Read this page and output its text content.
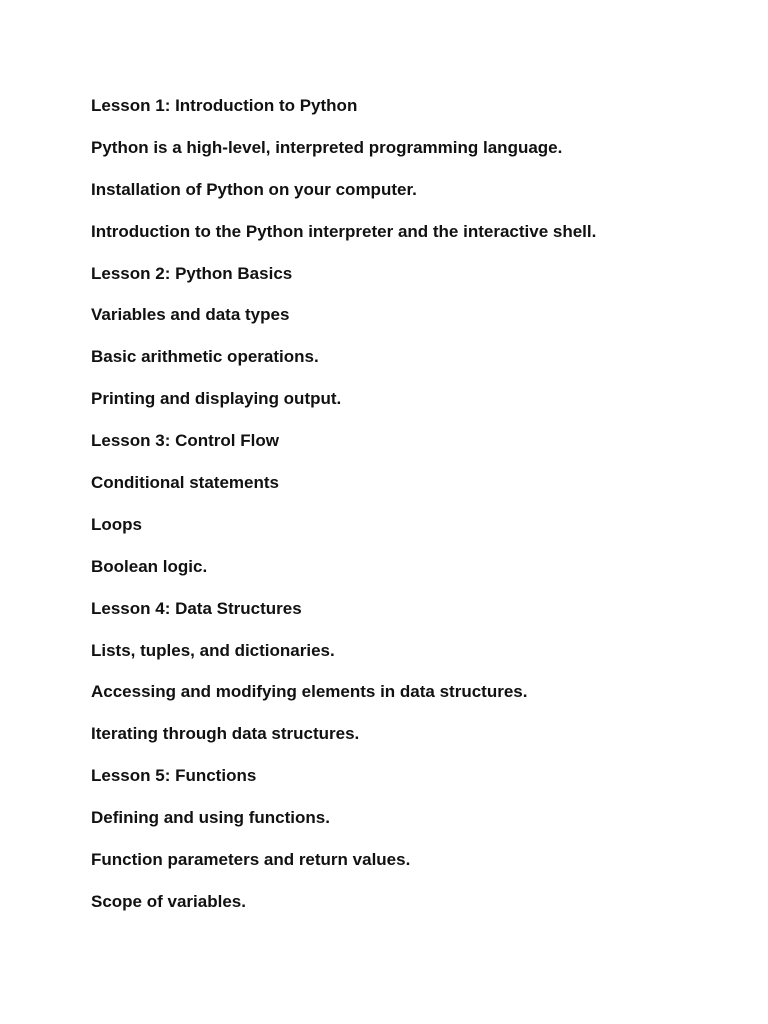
Lesson 1: Introduction to Python
Python is a high-level, interpreted programming language.
Installation of Python on your computer.
Introduction to the Python interpreter and the interactive shell.
Lesson 2: Python Basics
Variables and data types
Basic arithmetic operations.
Printing and displaying output.
Lesson 3: Control Flow
Conditional statements
Loops
Boolean logic.
Lesson 4: Data Structures
Lists, tuples, and dictionaries.
Accessing and modifying elements in data structures.
Iterating through data structures.
Lesson 5: Functions
Defining and using functions.
Function parameters and return values.
Scope of variables.
